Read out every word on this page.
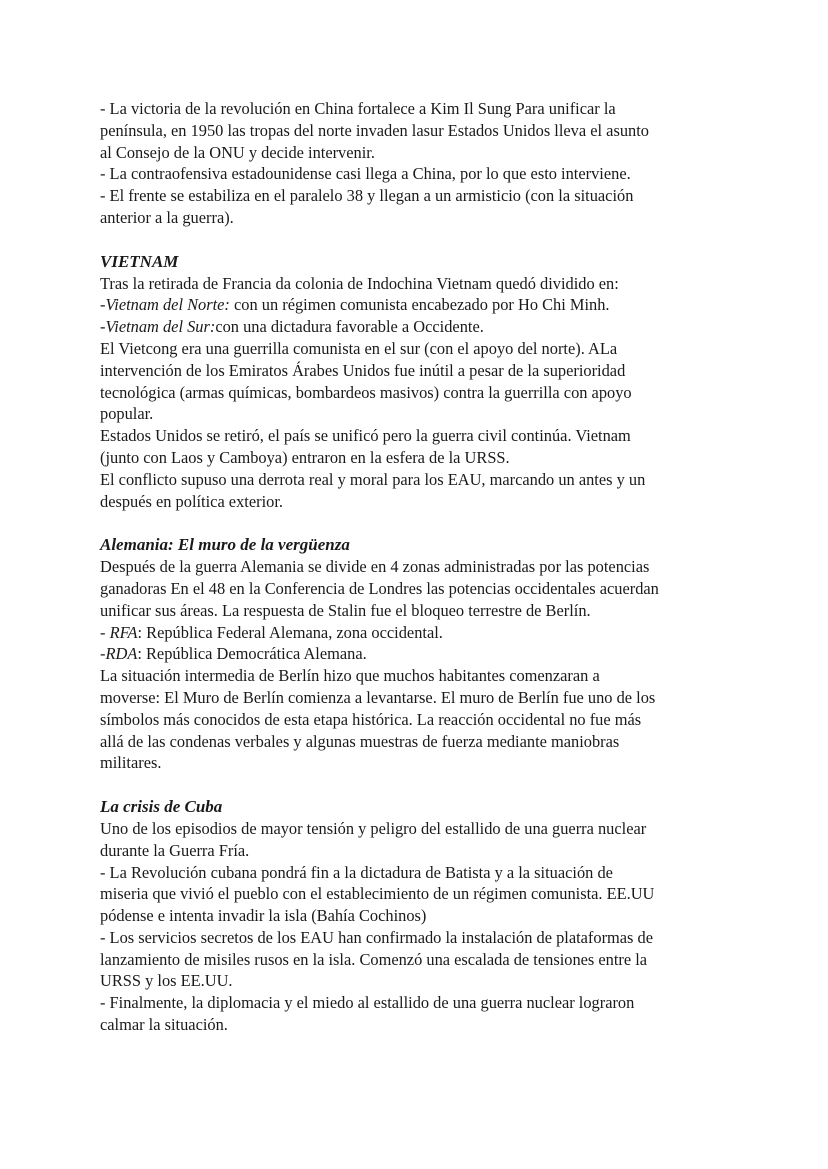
- La victoria de la revolución en China fortalece a Kim Il Sung Para unificar la
península, en 1950 las tropas del norte invaden lasur Estados Unidos lleva el asunto
al Consejo de la ONU y decide intervenir.
- La contraofensiva estadounidense casi llega a China, por lo que esto interviene.
- El frente se estabiliza en el paralelo 38 y llegan a un armisticio (con la situación
anterior a la guerra).
VIETNAM
Tras la retirada de Francia da colonia de Indochina Vietnam quedó dividido en:
-Vietnam del Norte: con un régimen comunista encabezado por Ho Chi Minh.
-Vietnam del Sur:con una dictadura favorable a Occidente.
El Vietcong era una guerrilla comunista en el sur (con el apoyo del norte). ALa
intervención de los Emiratos Árabes Unidos fue inútil a pesar de la superioridad
tecnológica (armas químicas, bombardeos masivos) contra la guerrilla con apoyo
popular.
Estados Unidos se retiró, el país se unificó pero la guerra civil continúa. Vietnam
(junto con Laos y Camboya) entraron en la esfera de la URSS.
El conflicto supuso una derrota real y moral para los EAU, marcando un antes y un
después en política exterior.
Alemania: El muro de la vergüenza
Después de la guerra Alemania se divide en 4 zonas administradas por las potencias
ganadoras En el 48 en la Conferencia de Londres las potencias occidentales acuerdan
unificar sus áreas. La respuesta de Stalin fue el bloqueo terrestre de Berlín.
- RFA: República Federal Alemana, zona occidental.
-RDA: República Democrática Alemana.
La situación intermedia de Berlín hizo que muchos habitantes comenzaran a
moverse: El Muro de Berlín comienza a levantarse. El muro de Berlín fue uno de los
símbolos más conocidos de esta etapa histórica. La reacción occidental no fue más
allá de las condenas verbales y algunas muestras de fuerza mediante maniobras
militares.
La crisis de Cuba
Uno de los episodios de mayor tensión y peligro del estallido de una guerra nuclear
durante la Guerra Fría.
- La Revolución cubana pondrá fin a la dictadura de Batista y a la situación de
miseria que vivió el pueblo con el establecimiento de un régimen comunista. EE.UU
pódense e intenta invadir la isla (Bahía Cochinos)
- Los servicios secretos de los EAU han confirmado la instalación de plataformas de
lanzamiento de misiles rusos en la isla. Comenzó una escalada de tensiones entre la
URSS y los EE.UU.
- Finalmente, la diplomacia y el miedo al estallido de una guerra nuclear lograron
calmar la situación.
